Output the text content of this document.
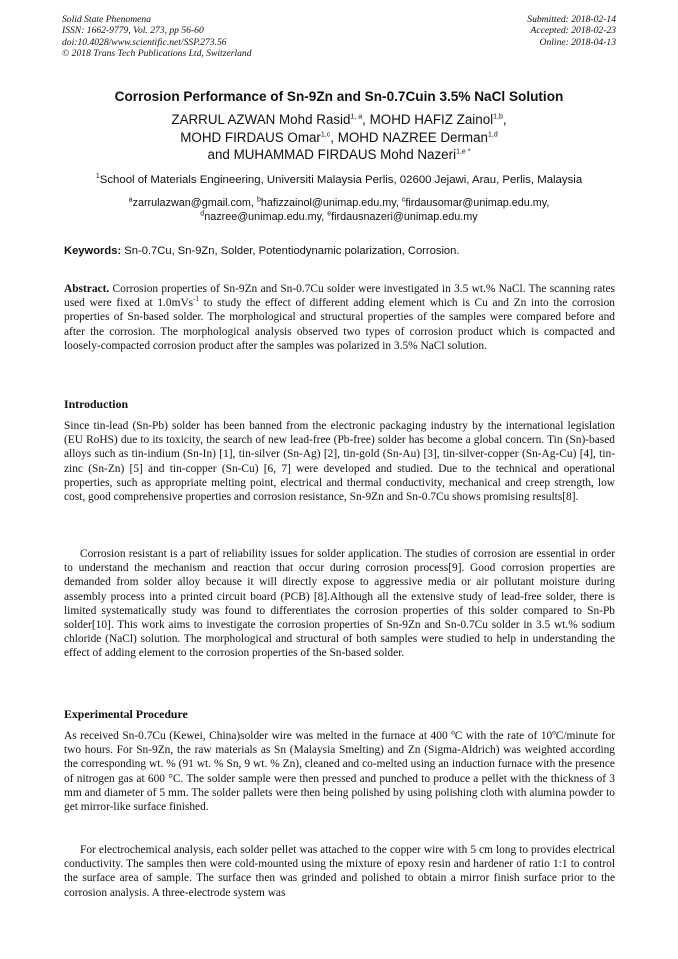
Solid State Phenomena
ISSN: 1662-9779, Vol. 273, pp 56-60
doi:10.4028/www.scientific.net/SSP.273.56
© 2018 Trans Tech Publications Ltd, Switzerland
Submitted: 2018-02-14
Accepted: 2018-02-23
Online: 2018-04-13
Corrosion Performance of Sn-9Zn and Sn-0.7Cuin 3.5% NaCl Solution
ZARRUL AZWAN Mohd Rasid$^{1, a}$, MOHD HAFIZ Zainol$^{1,b}$,
MOHD FIRDAUS Omar$^{1,c}$, MOHD NAZREE Derman$^{1,d}$
and MUHAMMAD FIRDAUS Mohd Nazeri$^{1,e *}$
$^1$School of Materials Engineering, Universiti Malaysia Perlis, 02600 Jejawi, Arau, Perlis, Malaysia
$^a$zarrulazwan@gmail.com, $^b$hafizzainol@unimap.edu.my, $^c$firdausomar@unimap.edu.my,
$^d$nazree@unimap.edu.my, $^e$firdausnazeri@unimap.edu.my
Keywords: Sn-0.7Cu, Sn-9Zn, Solder, Potentiodynamic polarization, Corrosion.
Abstract. Corrosion properties of Sn-9Zn and Sn-0.7Cu solder were investigated in 3.5 wt.% NaCl. The scanning rates used were fixed at 1.0mVs$^{-1}$ to study the effect of different adding element which is Cu and Zn into the corrosion properties of Sn-based solder. The morphological and structural properties of the samples were compared before and after the corrosion. The morphological analysis observed two types of corrosion product which is compacted and loosely-compacted corrosion product after the samples was polarized in 3.5% NaCl solution.
Introduction
Since tin-lead (Sn-Pb) solder has been banned from the electronic packaging industry by the international legislation (EU RoHS) due to its toxicity, the search of new lead-free (Pb-free) solder has become a global concern. Tin (Sn)-based alloys such as tin-indium (Sn-In) [1], tin-silver (Sn-Ag) [2], tin-gold (Sn-Au) [3], tin-silver-copper (Sn-Ag-Cu) [4], tin-zinc (Sn-Zn) [5] and tin-copper (Sn-Cu) [6, 7] were developed and studied. Due to the technical and operational properties, such as appropriate melting point, electrical and thermal conductivity, mechanical and creep strength, low cost, good comprehensive properties and corrosion resistance, Sn-9Zn and Sn-0.7Cu shows promising results[8].
Corrosion resistant is a part of reliability issues for solder application. The studies of corrosion are essential in order to understand the mechanism and reaction that occur during corrosion process[9]. Good corrosion properties are demanded from solder alloy because it will directly expose to aggressive media or air pollutant moisture during assembly process into a printed circuit board (PCB) [8].Although all the extensive study of lead-free solder, there is limited systematically study was found to differentiates the corrosion properties of this solder compared to Sn-Pb solder[10]. This work aims to investigate the corrosion properties of Sn-9Zn and Sn-0.7Cu solder in 3.5 wt.% sodium chloride (NaCl) solution. The morphological and structural of both samples were studied to help in understanding the effect of adding element to the corrosion properties of the Sn-based solder.
Experimental Procedure
As received Sn-0.7Cu (Kewei, China)solder wire was melted in the furnace at 400 ºC with the rate of 10ºC/minute for two hours. For Sn-9Zn, the raw materials as Sn (Malaysia Smelting) and Zn (Sigma-Aldrich) was weighted according the corresponding wt. % (91 wt. % Sn, 9 wt. % Zn), cleaned and co-melted using an induction furnace with the presence of nitrogen gas at 600 °C. The solder sample were then pressed and punched to produce a pellet with the thickness of 3 mm and diameter of 5 mm. The solder pallets were then being polished by using polishing cloth with alumina powder to get mirror-like surface finished.
For electrochemical analysis, each solder pellet was attached to the copper wire with 5 cm long to provides electrical conductivity. The samples then were cold-mounted using the mixture of epoxy resin and hardener of ratio 1:1 to control the surface area of sample. The surface then was grinded and polished to obtain a mirror finish surface prior to the corrosion analysis. A three-electrode system was
